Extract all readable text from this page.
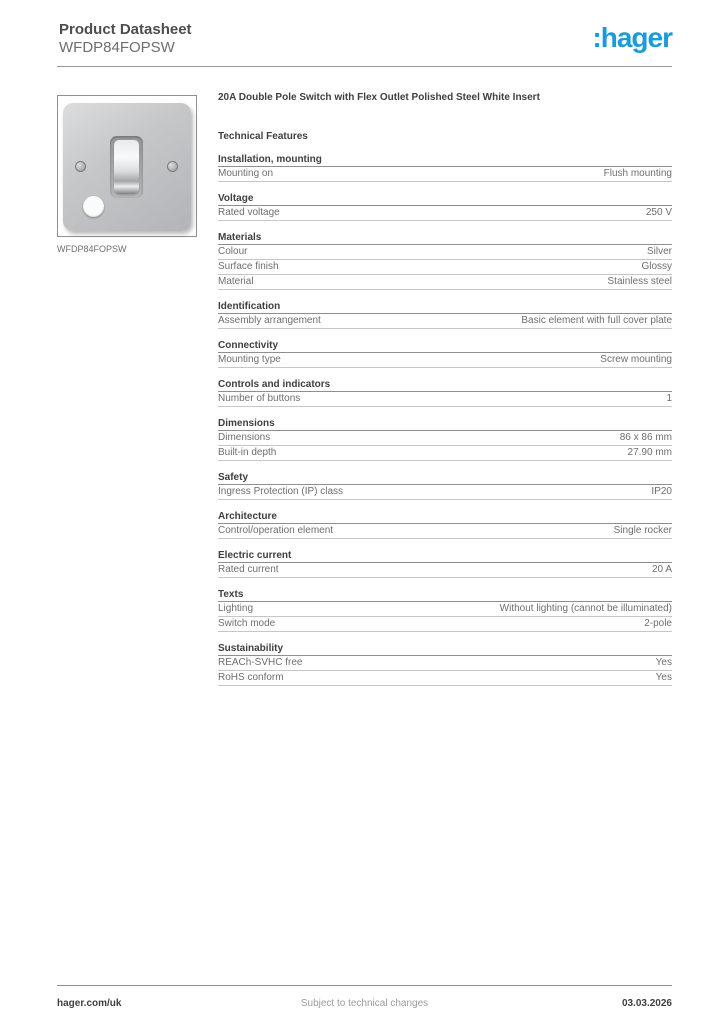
Product Datasheet
WFDP84FOPSW	:hager
WFDP84FOPSW
20A Double Pole Switch with Flex Outlet Polished Steel White Insert
Technical Features
Installation, mounting
Mounting on	Flush mounting
Voltage
Rated voltage	250 V
Materials
Colour	Silver
Surface finish	Glossy
Material	Stainless steel
Identification
Assembly arrangement	Basic element with full cover plate
Connectivity
Mounting type	Screw mounting
Controls and indicators
Number of buttons	1
Dimensions
Dimensions	86 x 86 mm
Built-in depth	27.90 mm
Safety
Ingress Protection (IP) class	IP20
Architecture
Control/operation element	Single rocker
Electric current
Rated current	20 A
Texts
Lighting	Without lighting (cannot be illuminated)
Switch mode	2-pole
Sustainability
REACh-SVHC free	Yes
RoHS conform	Yes
hager.com/uk	Subject to technical changes	03.03.2026
